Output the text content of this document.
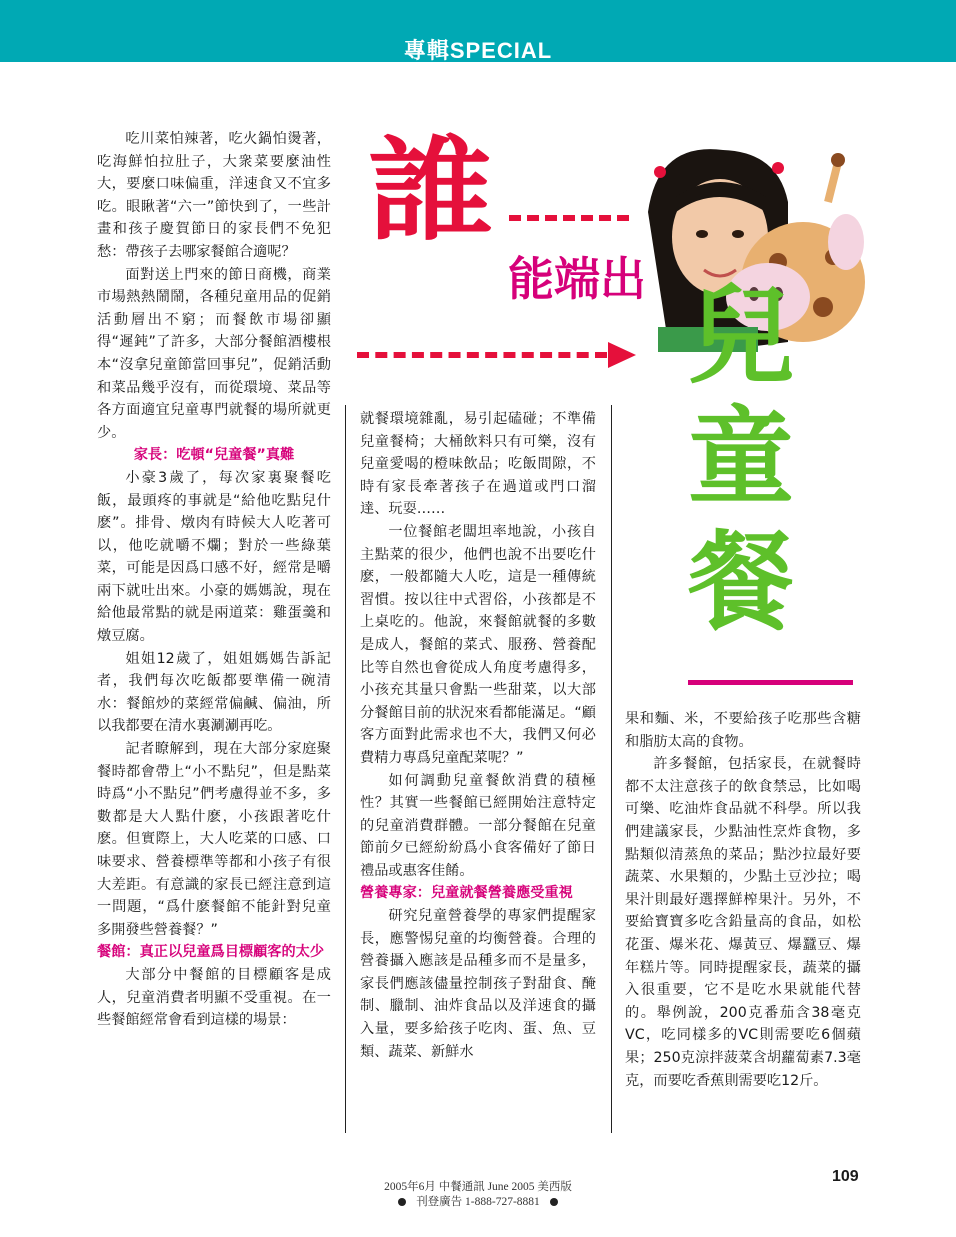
專輯SPECIAL
誰
能端出 兒
童
餐

吃川菜怕辣著，吃火鍋怕燙著，吃海鮮怕拉肚子，大衆菜要麼油性大，要麼口味偏重，洋速食又不宜多吃。眼瞅著“六一”節快到了，一些計畫和孩子慶賀節日的家長們不免犯愁：帶孩子去哪家餐館合適呢？

面對送上門來的節日商機，商業市場熱熱鬧鬧，各種兒童用品的促銷活動層出不窮；而餐飲市場卻顯得“遲鈍”了許多，大部分餐館酒樓根本“沒拿兒童節當回事兒”，促銷活動和菜品幾乎沒有，而從環境、菜品等各方面適宜兒童專門就餐的場所就更少。

家長：吃頓“兒童餐”真難

小豪3歲了，每次家裏聚餐吃飯，最頭疼的事就是“給他吃點兒什麽”。排骨、燉肉有時候大人吃著可以，他吃就嚼不爛；對於一些綠葉菜，可能是因爲口感不好，經常是嚼兩下就吐出來。小豪的媽媽說，現在給他最常點的就是兩道菜：雞蛋羹和燉豆腐。

姐姐12歲了，姐姐媽媽告訴記者，我們每次吃飯都要準備一碗清水：餐館炒的菜經常偏鹹、偏油，所以我都要在清水裏涮涮再吃。

記者瞭解到，現在大部分家庭聚餐時都會帶上“小不點兒”，但是點菜時爲“小不點兒”們考慮得並不多，多數都是大人點什麽，小孩跟著吃什麽。但實際上，大人吃菜的口感、口味要求、營養標準等都和小孩子有很大差距。有意識的家長已經注意到這一問題，“爲什麽餐館不能針對兒童多開發些營養餐？”

餐館：真正以兒童爲目標顧客的太少

大部分中餐館的目標顧客是成人，兒童消費者明顯不受重視。在一些餐館經常會看到這樣的場景：

就餐環境雜亂，易引起磕碰；不準備兒童餐椅；大桶飲料只有可樂，沒有兒童愛喝的橙味飲品；吃飯間隙，不時有家長牽著孩子在過道或門口溜達、玩耍……

一位餐館老闆坦率地說，小孩自主點菜的很少，他們也說不出要吃什麽，一般都隨大人吃，這是一種傳統習慣。按以往中式習俗，小孩都是不上桌吃的。他說，來餐館就餐的多數是成人，餐館的菜式、服務、營養配比等自然也會從成人角度考慮得多，小孩充其量只會點一些甜菜，以大部分餐館目前的狀況來看都能滿足。“顧客方面對此需求也不大，我們又何必費精力專爲兒童配菜呢？”

如何調動兒童餐飲消費的積極性？其實一些餐館已經開始注意特定的兒童消費群體。一部分餐館在兒童節前夕已經紛紛爲小食客備好了節日禮品或惠客佳餚。

營養專家：兒童就餐營養應受重視

研究兒童營養學的專家們提醒家長，應警惕兒童的均衡營養。合理的營養攝入應該是品種多而不是量多，家長們應該儘量控制孩子對甜食、醃制、臘制、油炸食品以及洋速食的攝入量，要多給孩子吃肉、蛋、魚、豆類、蔬菜、新鮮水

果和麵、米，不要給孩子吃那些含糖和脂肪太高的食物。

許多餐館，包括家長，在就餐時都不太注意孩子的飲食禁忌，比如喝可樂、吃油炸食品就不科學。所以我們建議家長，少點油性烹炸食物，多點類似清蒸魚的菜品；點沙拉最好要蔬菜、水果類的，少點土豆沙拉；喝果汁則最好選擇鮮榨果汁。另外，不要給寶寶多吃含鉛量高的食品，如松花蛋、爆米花、爆黃豆、爆蠶豆、爆年糕片等。同時提醒家長，蔬菜的攝入很重要，它不是吃水果就能代替的。舉例說，200克番茄含38毫克VC，吃同樣多的VC則需要吃6個蘋果；250克涼拌菠菜含胡蘿蔔素7.3毫克，而要吃香蕉則需要吃12斤。

2005年6月 中餐通訊 June 2005 美西版
刊登廣告 1-888-727-8881
109
